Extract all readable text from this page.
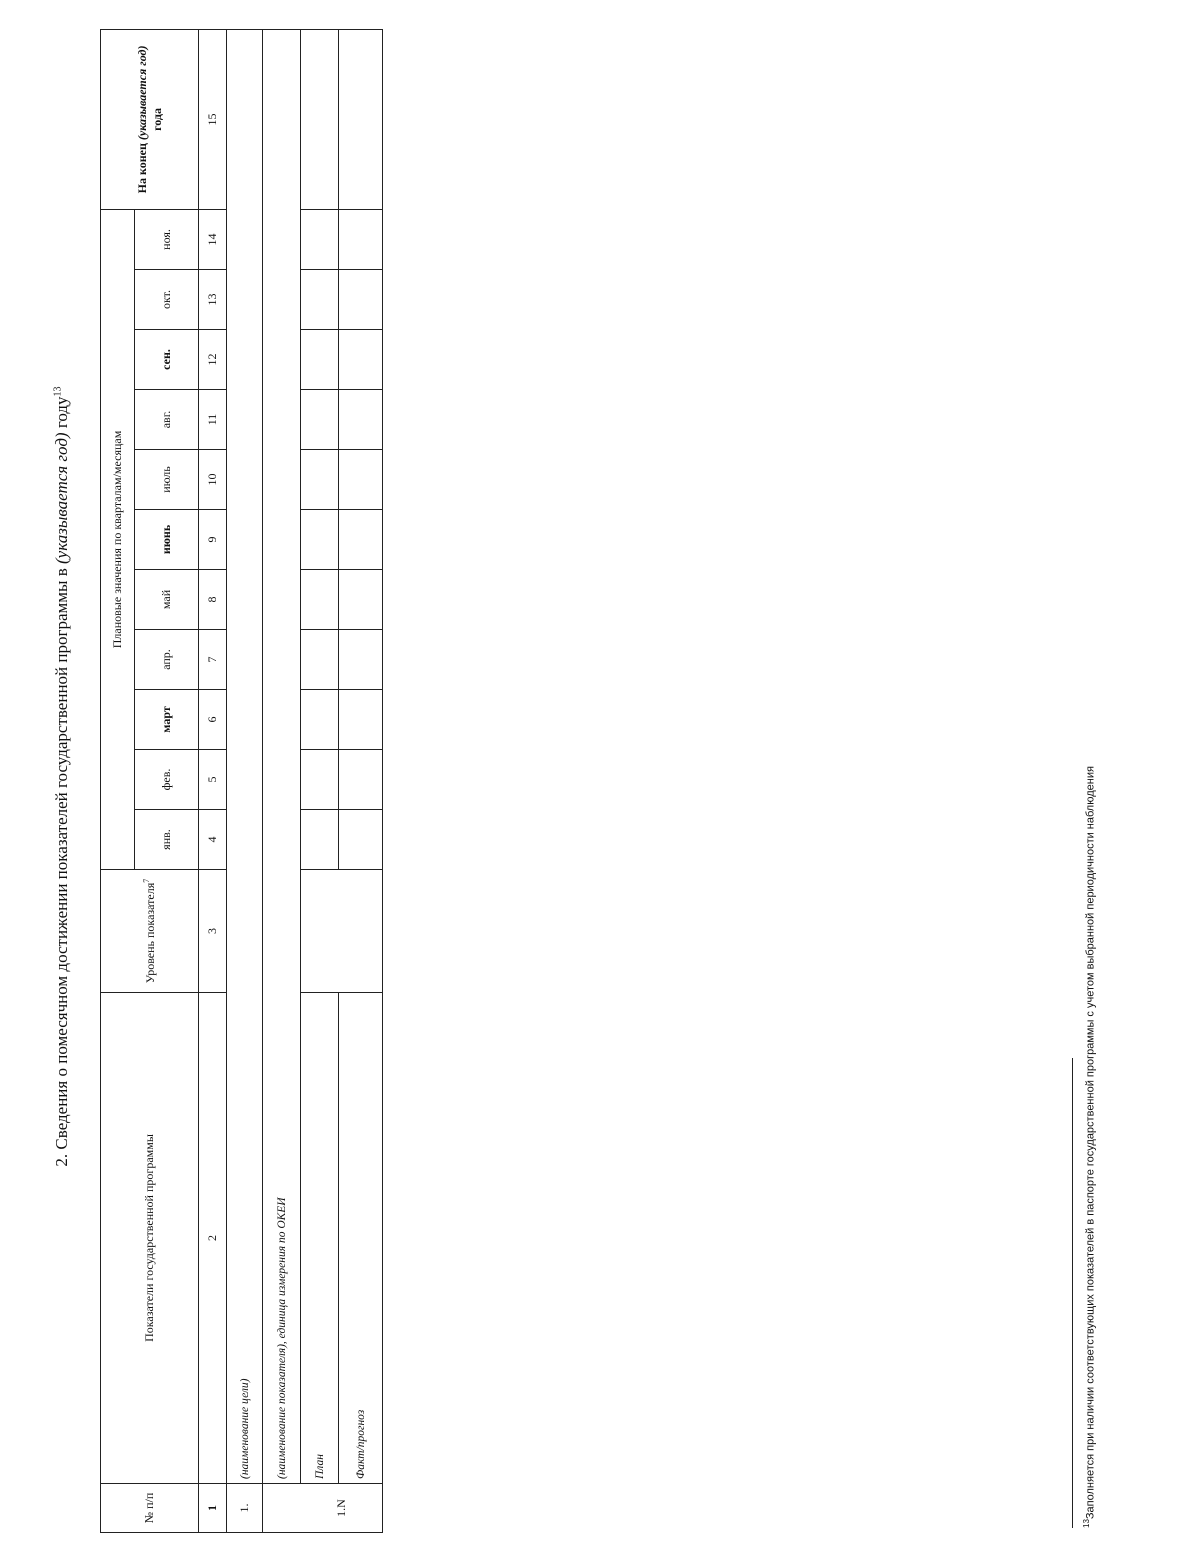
2. Сведения о помесячном достижении показателей государственной программы в (указывается год) году$^{13}$
№ п/п	Показатели государственной программы	Уровень показателя$^7$	Плановые значения по кварталам/месяцам											На конец (указывается год) года
			янв.	фев.	март	апр.	май	июнь	июль	авг.	сен.	окт.	ноя.	
1	2	3	4	5	6	7	8	9	10	11	12	13	14	15
1.	(наименование цели)													
	(наименование показателя), единица измерения по ОКЕИ													
1.N	План													
	Факт/прогноз													
$^{13}$Заполняется при наличии соответствующих показателей в паспорте государственной программы с учетом выбранной периодичности наблюдения
